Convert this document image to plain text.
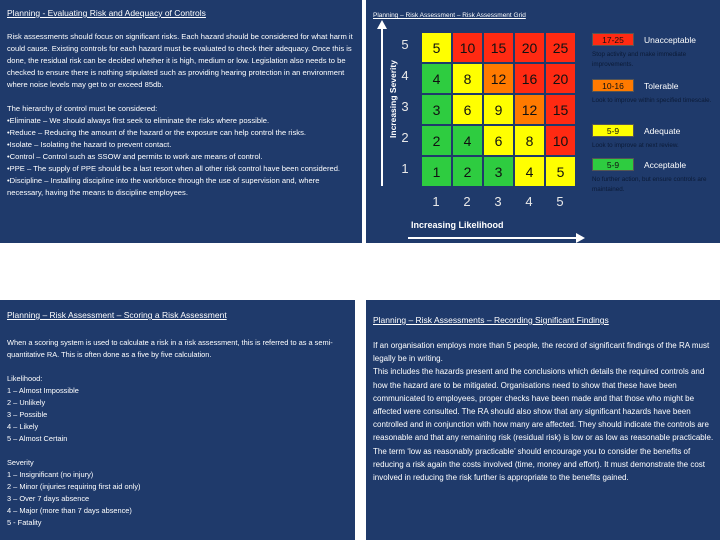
Planning - Evaluating Risk and Adequacy of Controls

Risk assessments should focus on significant risks. Each hazard should be considered for what harm it could cause. Existing controls for each hazard must be evaluated to check their adequacy. Once this is done, the residual risk can be decided whether it is high, medium or low. Legislation also needs to be checked to ensure there is nothing stipulated such as providing hearing protection in an environment where noise levels may get to or exceed 85db.

The hierarchy of control must be considered:

•Eliminate – We should always first seek to eliminate the risks where possible.

•Reduce – Reducing the amount of the hazard or the exposure can help control the risks.

•Isolate – Isolating the hazard to prevent contact.

•Control – Control such as SSOW and permits to work are means of control.

•PPE – The supply of PPE should be a last resort when all other risk control have been considered.

•Discipline – Installing discipline into the workforce through the use of supervision and, where necessary, having the means to discipline employees.

Planning – Risk Assessment – Risk Assessment Grid
Increasing Severity
5
4
3
2
1
5	10	15	20	25
4	8	12	16	20
3	6	9	12	15
2	4	6	8	10
1	2	3	4	5
1	2	3	4	5
Increasing Likelihood
17-25	Unacceptable
Stop activity and make immediate improvements.
10-16	Tolerable
Look to improve within specified timescale.
5-9	Adequate
Look to improve at next review.
5-9	Acceptable
No further action, but ensure controls are maintained.
Planning – Risk Assessment – Scoring a Risk Assessment

When a scoring system is used to calculate a risk in a risk assessment, this is referred to as a semi-quantitative RA. This is often done as a five by five calculation.

Likelihood:

1 – Almost Impossible

2 – Unlikely

3 – Possible

4 – Likely

5 – Almost Certain

Severity

1 – Insignificant (no injury)

2 – Minor (injuries requiring first aid only)

3 – Over 7 days absence

4 – Major (more than 7 days absence)

5 - Fatality

Planning – Risk Assessments – Recording Significant Findings

If an organisation employs more than 5 people, the record of significant findings of the RA must legally be in writing.

This includes the hazards present and the conclusions which details the required controls and how the hazard are to be mitigated. Organisations need to show that these have been communicated to employees, proper checks have been made and that those who might be affected were consulted. The RA should also show that any significant hazards have been controlled and in conjunction with how many are affected. They should indicate the controls are reasonable and that any remaining risk (residual risk) is low or as low as reasonable practicable.

The term ‘low as reasonably practicable’ should encourage you to consider the benefits of reducing a risk again the costs involved (time, money and effort). It must demonstrate the cost involved in reducing the risk further is appropriate to the benefits gained.
